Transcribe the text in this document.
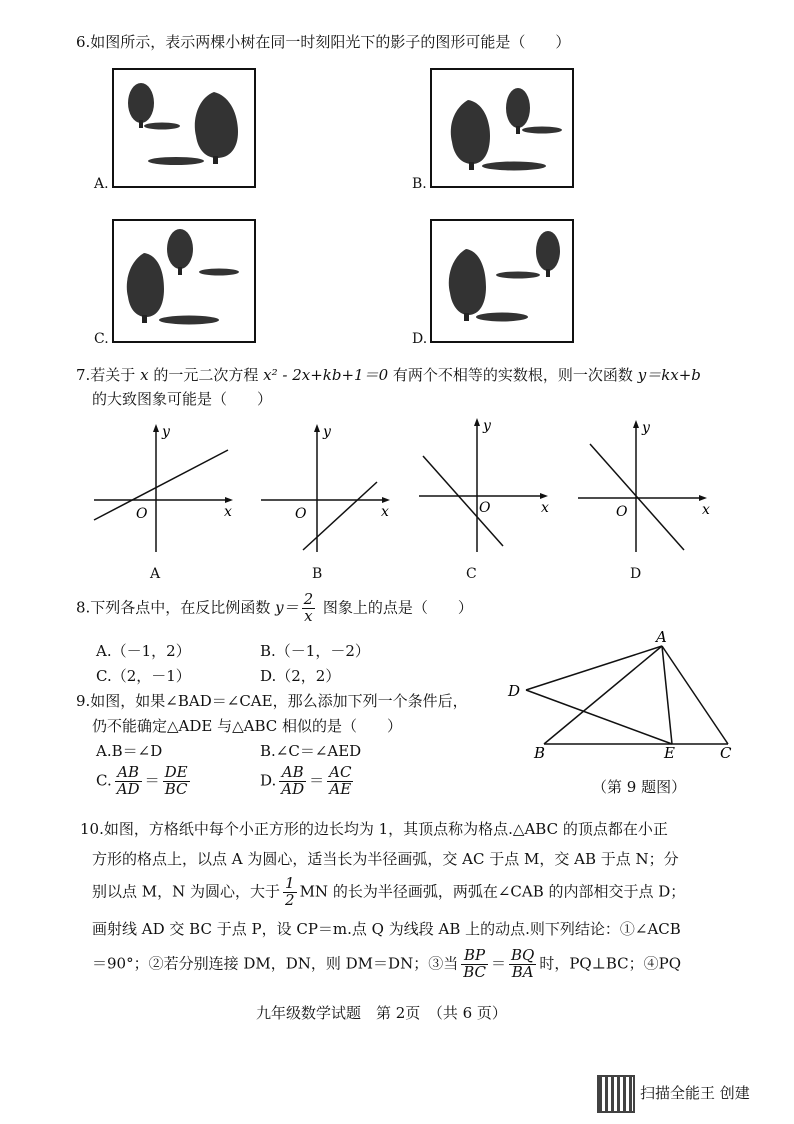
6.如图所示，表示两棵小树在同一时刻阳光下的影子的图形可能是（　　）
A.	B.
C.	D.
7.若关于 x 的一元二次方程 x² - 2x+kb+1＝0 有两个不相等的实数根，则一次函数 y＝kx+b
的大致图象可能是（　　）
y
x
O
A
y
x
O
B
y
x
O
C
y
x
O
D
8.下列各点中，在反比例函数 $y= \frac{2}{x}$ 图象上的点是（　　）
A.（－1，2）	B.（－1，－2）
C.（2，－1）	D.（2，2）
9.如图，如果∠BAD＝∠CAE，那么添加下列一个条件后，
仍不能确定△ADE 与△ABC 相似的是（　　）
A.B＝∠D	B.∠C＝∠AED
C. $\frac{AB}{AD} = \frac{DE}{BC}$	D. $\frac{AB}{AD} = \frac{AC}{AE}$
A
D
B	E	C
（第 9 题图）
10.如图，方格纸中每个小正方形的边长均为 1，其顶点称为格点.△ABC 的顶点都在小正
方形的格点上，以点 A 为圆心，适当长为半径画弧，交 AC 于点 M，交 AB 于点 N；分
别以点 M，N 为圆心，大于 $\frac{1}{2}$ MN 的长为半径画弧，两弧在∠CAB 的内部相交于点 D；
画射线 AD 交 BC 于点 P，设 CP＝m.点 Q 为线段 AB 上的动点.则下列结论：①∠ACB
＝90°；②若分别连接 DM，DN，则 DM＝DN；③当 $\frac{BP}{BC} = \frac{BQ}{BA}$ 时，PQ⊥BC；④PQ
九年级数学试题　第 2页　（共 6 页）
扫描全能王 创建
